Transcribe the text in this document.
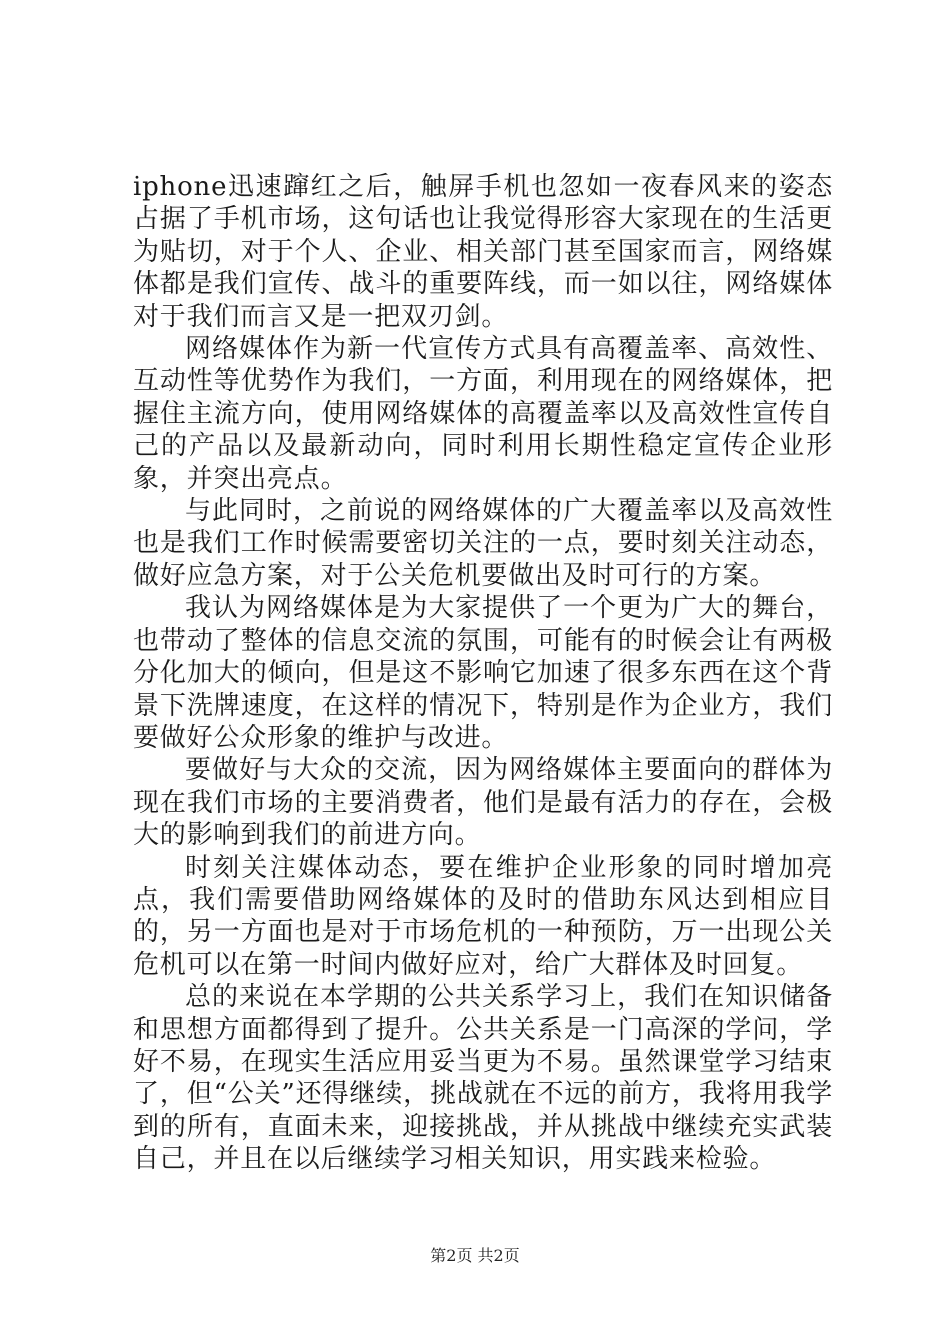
iphone迅速蹿红之后，触屏手机也忽如一夜春风来的姿态占据了手机市场，这句话也让我觉得形容大家现在的生活更为贴切，对于个人、企业、相关部门甚至国家而言，网络媒体都是我们宣传、战斗的重要阵线，而一如以往，网络媒体对于我们而言又是一把双刃剑。

网络媒体作为新一代宣传方式具有高覆盖率、高效性、互动性等优势作为我们，一方面，利用现在的网络媒体，把握住主流方向，使用网络媒体的高覆盖率以及高效性宣传自己的产品以及最新动向，同时利用长期性稳定宣传企业形象，并突出亮点。

与此同时，之前说的网络媒体的广大覆盖率以及高效性也是我们工作时候需要密切关注的一点，要时刻关注动态，做好应急方案，对于公关危机要做出及时可行的方案。

我认为网络媒体是为大家提供了一个更为广大的舞台，也带动了整体的信息交流的氛围，可能有的时候会让有两极分化加大的倾向，但是这不影响它加速了很多东西在这个背景下洗牌速度，在这样的情况下，特别是作为企业方，我们要做好公众形象的维护与改进。

要做好与大众的交流，因为网络媒体主要面向的群体为现在我们市场的主要消费者，他们是最有活力的存在，会极大的影响到我们的前进方向。

时刻关注媒体动态，要在维护企业形象的同时增加亮点，我们需要借助网络媒体的及时的借助东风达到相应目的，另一方面也是对于市场危机的一种预防，万一出现公关危机可以在第一时间内做好应对，给广大群体及时回复。

总的来说在本学期的公共关系学习上，我们在知识储备和思想方面都得到了提升。公共关系是一门高深的学问，学好不易，在现实生活应用妥当更为不易。虽然课堂学习结束了，但“公关”还得继续，挑战就在不远的前方，我将用我学到的所有，直面未来，迎接挑战，并从挑战中继续充实武装自己，并且在以后继续学习相关知识，用实践来检验。

第2页 共2页
